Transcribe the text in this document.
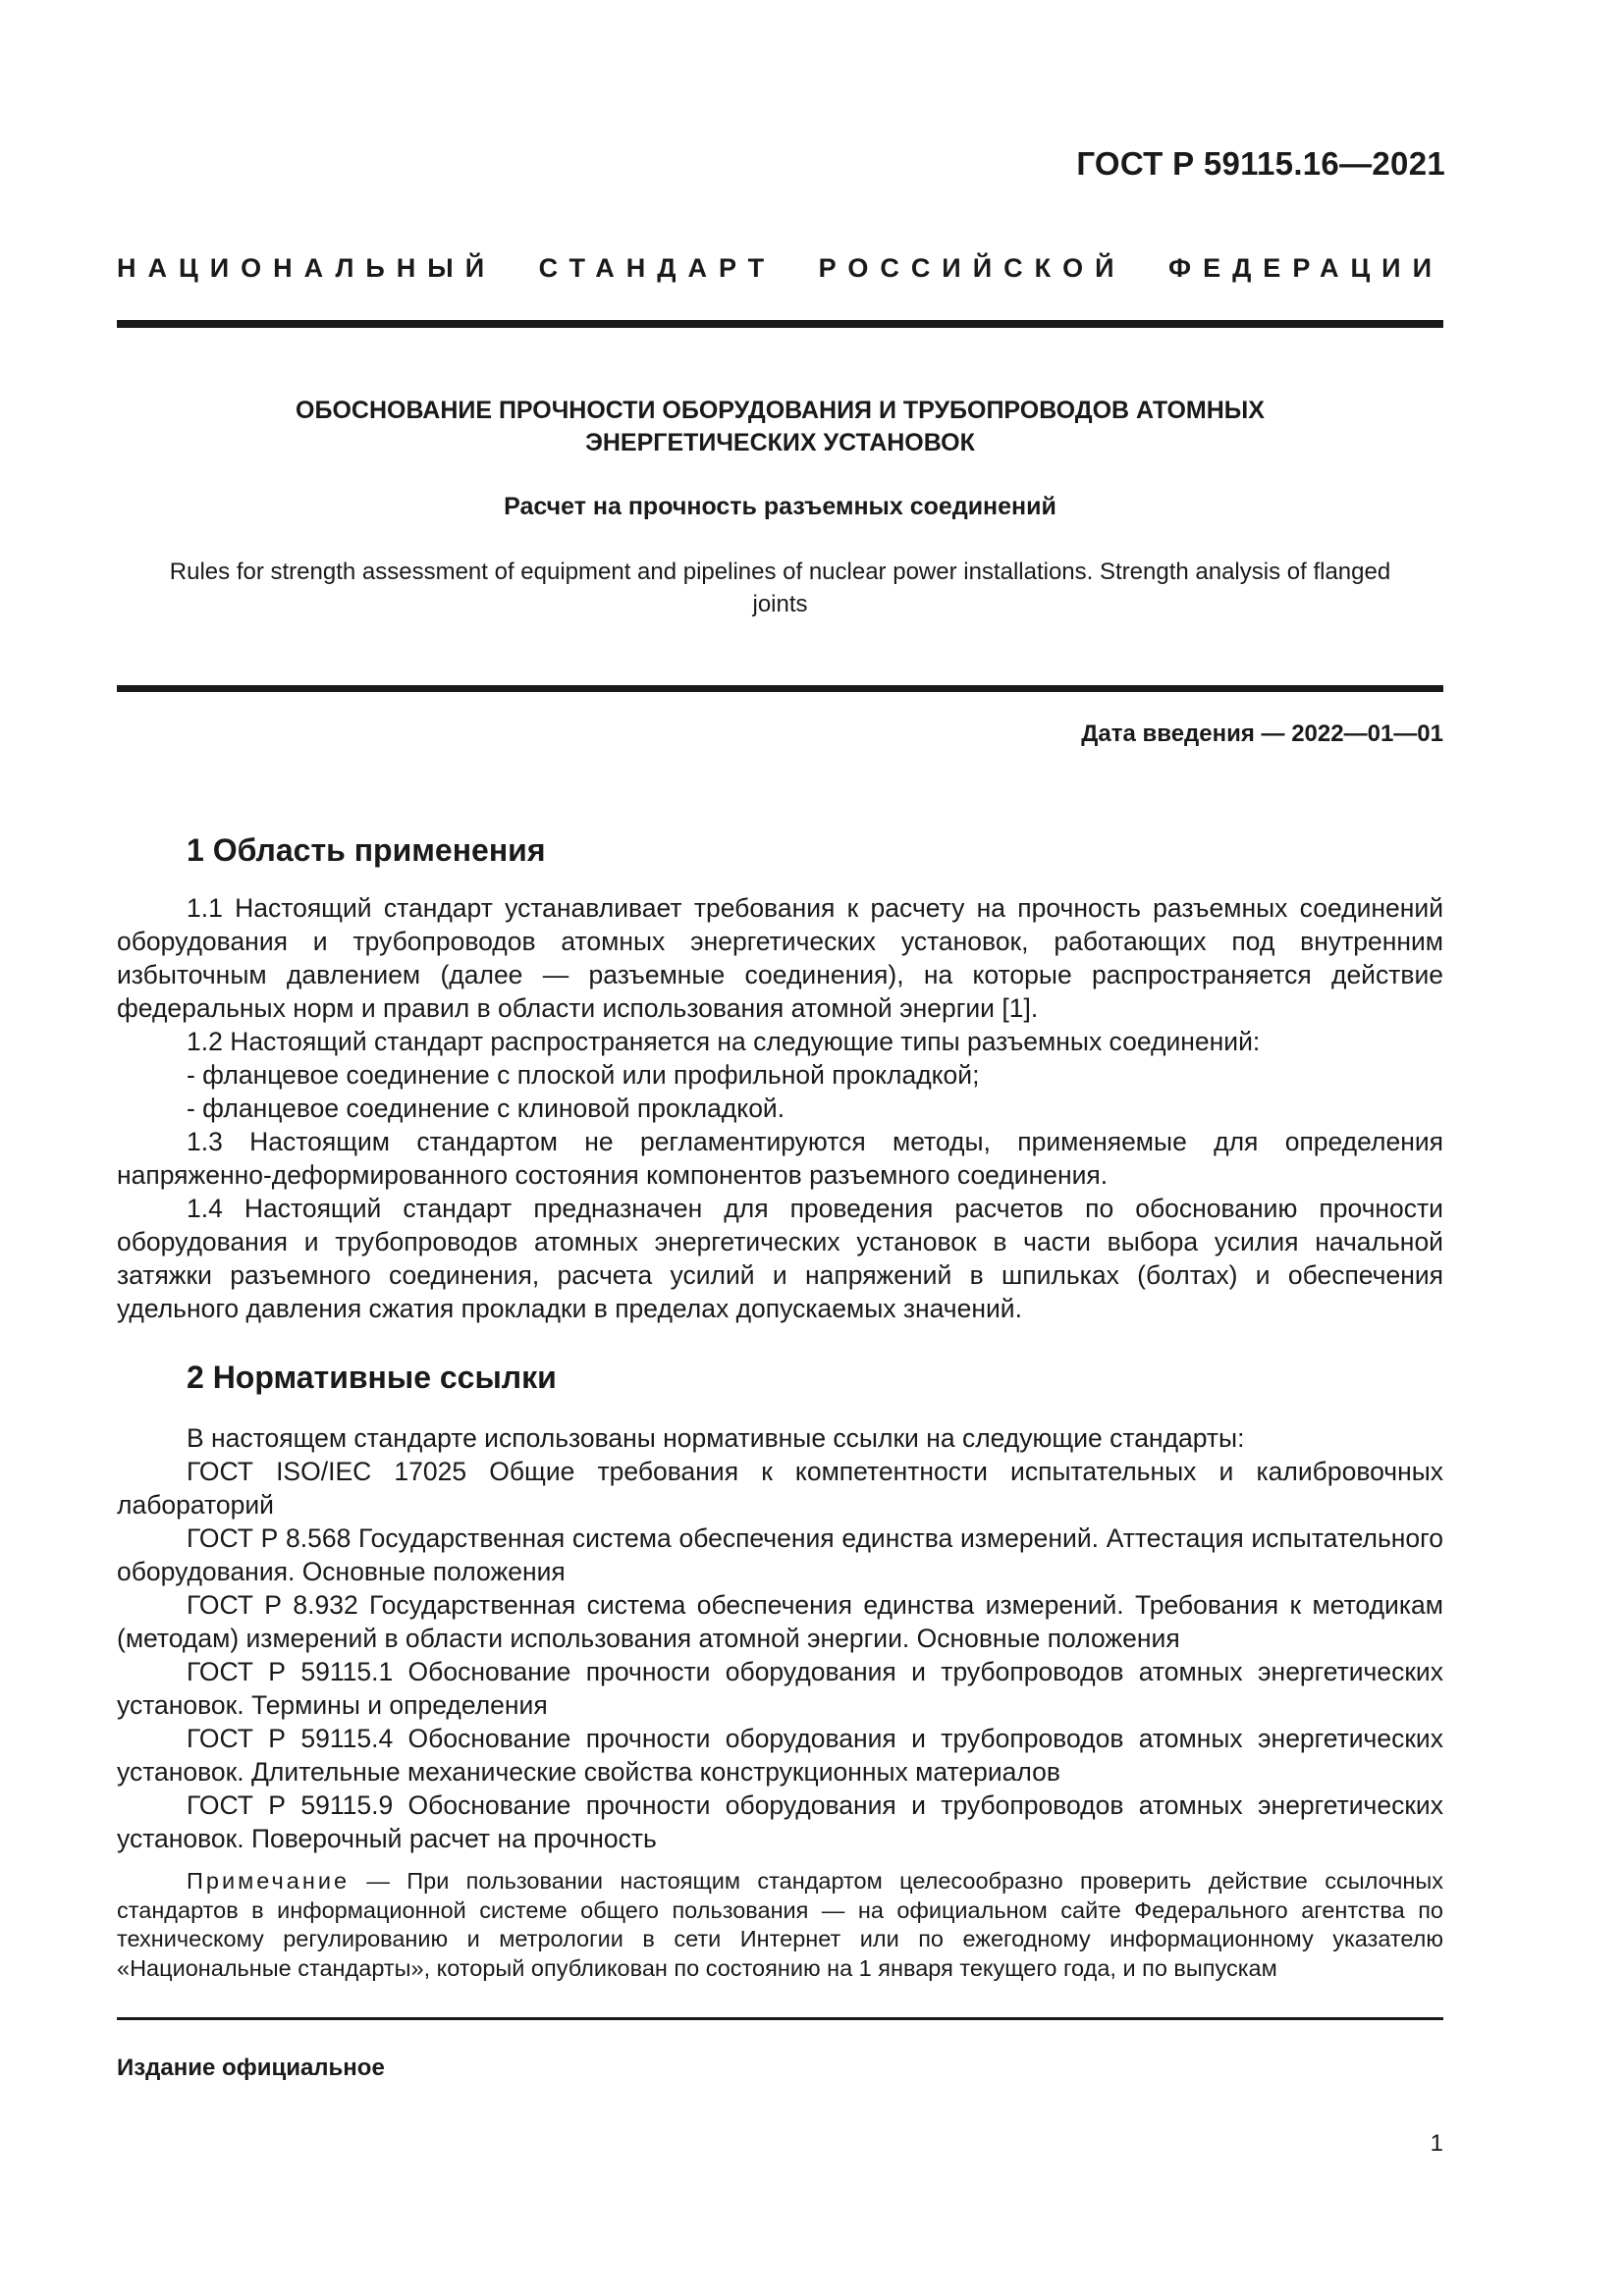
ГОСТ Р 59115.16—2021
НАЦИОНАЛЬНЫЙ СТАНДАРТ РОССИЙСКОЙ ФЕДЕРАЦИИ
ОБОСНОВАНИЕ ПРОЧНОСТИ ОБОРУДОВАНИЯ И ТРУБОПРОВОДОВ АТОМНЫХ
ЭНЕРГЕТИЧЕСКИХ УСТАНОВОК
Расчет на прочность разъемных соединений
Rules for strength assessment of equipment and pipelines of nuclear power installations. Strength analysis of flanged
joints
Дата введения — 2022—01—01
1 Область применения

1.1 Настоящий стандарт устанавливает требования к расчету на прочность разъемных соединений оборудования и трубопроводов атомных энергетических установок, работающих под внутренним избыточным давлением (далее — разъемные соединения), на которые распространяется действие федеральных норм и правил в области использования атомной энергии [1].

1.2 Настоящий стандарт распространяется на следующие типы разъемных соединений:

- фланцевое соединение с плоской или профильной прокладкой;

- фланцевое соединение с клиновой прокладкой.

1.3 Настоящим стандартом не регламентируются методы, применяемые для определения напряженно-деформированного состояния компонентов разъемного соединения.

1.4 Настоящий стандарт предназначен для проведения расчетов по обоснованию прочности оборудования и трубопроводов атомных энергетических установок в части выбора усилия начальной затяжки разъемного соединения, расчета усилий и напряжений в шпильках (болтах) и обеспечения удельного давления сжатия прокладки в пределах допускаемых значений.

2 Нормативные ссылки

В настоящем стандарте использованы нормативные ссылки на следующие стандарты:

ГОСТ ISO/IEC 17025 Общие требования к компетентности испытательных и калибровочных лабораторий

ГОСТ Р 8.568 Государственная система обеспечения единства измерений. Аттестация испытательного оборудования. Основные положения

ГОСТ Р 8.932 Государственная система обеспечения единства измерений. Требования к методикам (методам) измерений в области использования атомной энергии. Основные положения

ГОСТ Р 59115.1 Обоснование прочности оборудования и трубопроводов атомных энергетических установок. Термины и определения

ГОСТ Р 59115.4 Обоснование прочности оборудования и трубопроводов атомных энергетических установок. Длительные механические свойства конструкционных материалов

ГОСТ Р 59115.9 Обоснование прочности оборудования и трубопроводов атомных энергетических установок. Поверочный расчет на прочность

Примечание — При пользовании настоящим стандартом целесообразно проверить действие ссылочных стандартов в информационной системе общего пользования — на официальном сайте Федерального агентства по техническому регулированию и метрологии в сети Интернет или по ежегодному информационному указателю «Национальные стандарты», который опубликован по состоянию на 1 января текущего года, и по выпускам

Издание официальное
1
